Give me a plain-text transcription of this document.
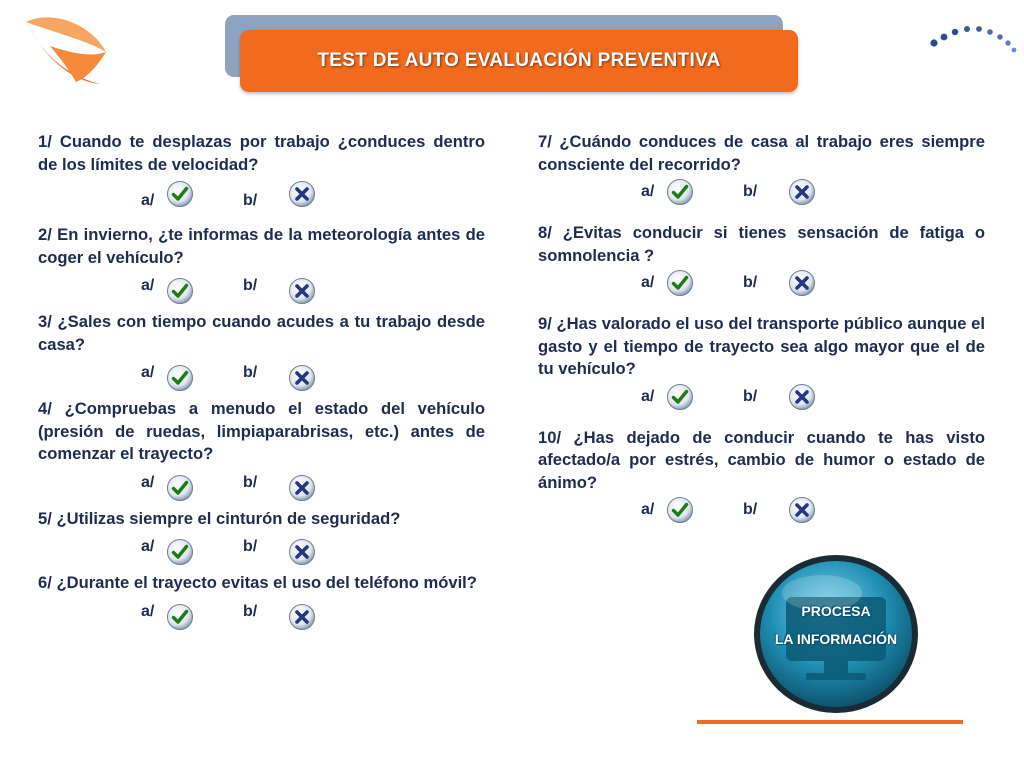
TEST DE AUTO EVALUACIÓN PREVENTIVA
1/ Cuando te desplazas por trabajo ¿conduces dentro de los límites de velocidad?
a/	b/
2/ En invierno, ¿te informas de la meteorología antes de coger el vehículo?
a/	b/
3/ ¿Sales con tiempo cuando acudes a tu trabajo desde casa?
a/	b/
4/ ¿Compruebas a menudo el estado del vehículo (presión de ruedas, limpiaparabrisas, etc.) antes de comenzar el trayecto?
a/	b/
5/ ¿Utilizas siempre el cinturón de seguridad?
a/	b/
6/ ¿Durante el trayecto evitas el uso del teléfono móvil?
a/	b/
7/ ¿Cuándo conduces de casa al trabajo eres siempre consciente del recorrido?
a/	b/
8/ ¿Evitas conducir si tienes sensación de fatiga o somnolencia ?
a/	b/
9/ ¿Has valorado el uso del transporte público aunque el gasto y el tiempo de trayecto sea algo mayor que el de tu vehículo?
a/	b/
10/ ¿Has dejado de conducir cuando te has visto afectado/a por estrés, cambio de humor o estado de ánimo?
a/	b/
PROCESA
LA INFORMACIÓN
